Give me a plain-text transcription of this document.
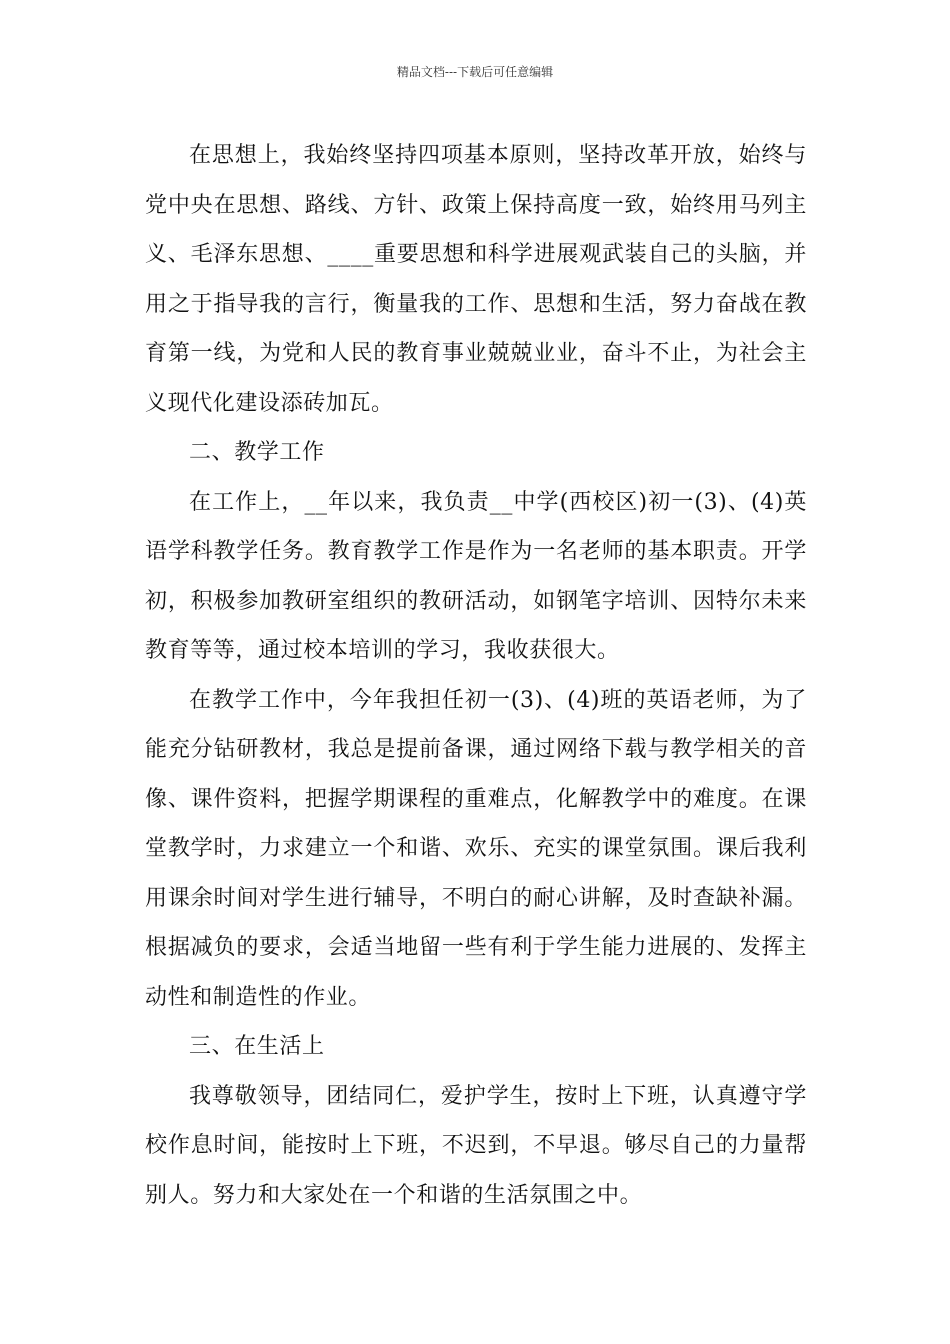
精品文档---下载后可任意编辑

在思想上，我始终坚持四项基本原则，坚持改革开放，始终与党中央在思想、路线、方针、政策上保持高度一致，始终用马列主义、毛泽东思想、____重要思想和科学进展观武装自己的头脑，并用之于指导我的言行，衡量我的工作、思想和生活，努力奋战在教育第一线，为党和人民的教育事业兢兢业业，奋斗不止，为社会主义现代化建设添砖加瓦。

二、教学工作

在工作上，__年以来，我负责__中学(西校区)初一(3)、(4)英语学科教学任务。教育教学工作是作为一名老师的基本职责。开学初，积极参加教研室组织的教研活动，如钢笔字培训、因特尔未来教育等等，通过校本培训的学习，我收获很大。

在教学工作中，今年我担任初一(3)、(4)班的英语老师，为了能充分钻研教材，我总是提前备课，通过网络下载与教学相关的音像、课件资料，把握学期课程的重难点，化解教学中的难度。在课堂教学时，力求建立一个和谐、欢乐、充实的课堂氛围。课后我利用课余时间对学生进行辅导，不明白的耐心讲解，及时查缺补漏。根据减负的要求，会适当地留一些有利于学生能力进展的、发挥主动性和制造性的作业。

三、在生活上

我尊敬领导，团结同仁，爱护学生，按时上下班，认真遵守学校作息时间，能按时上下班，不迟到，不早退。够尽自己的力量帮别人。努力和大家处在一个和谐的生活氛围之中。
